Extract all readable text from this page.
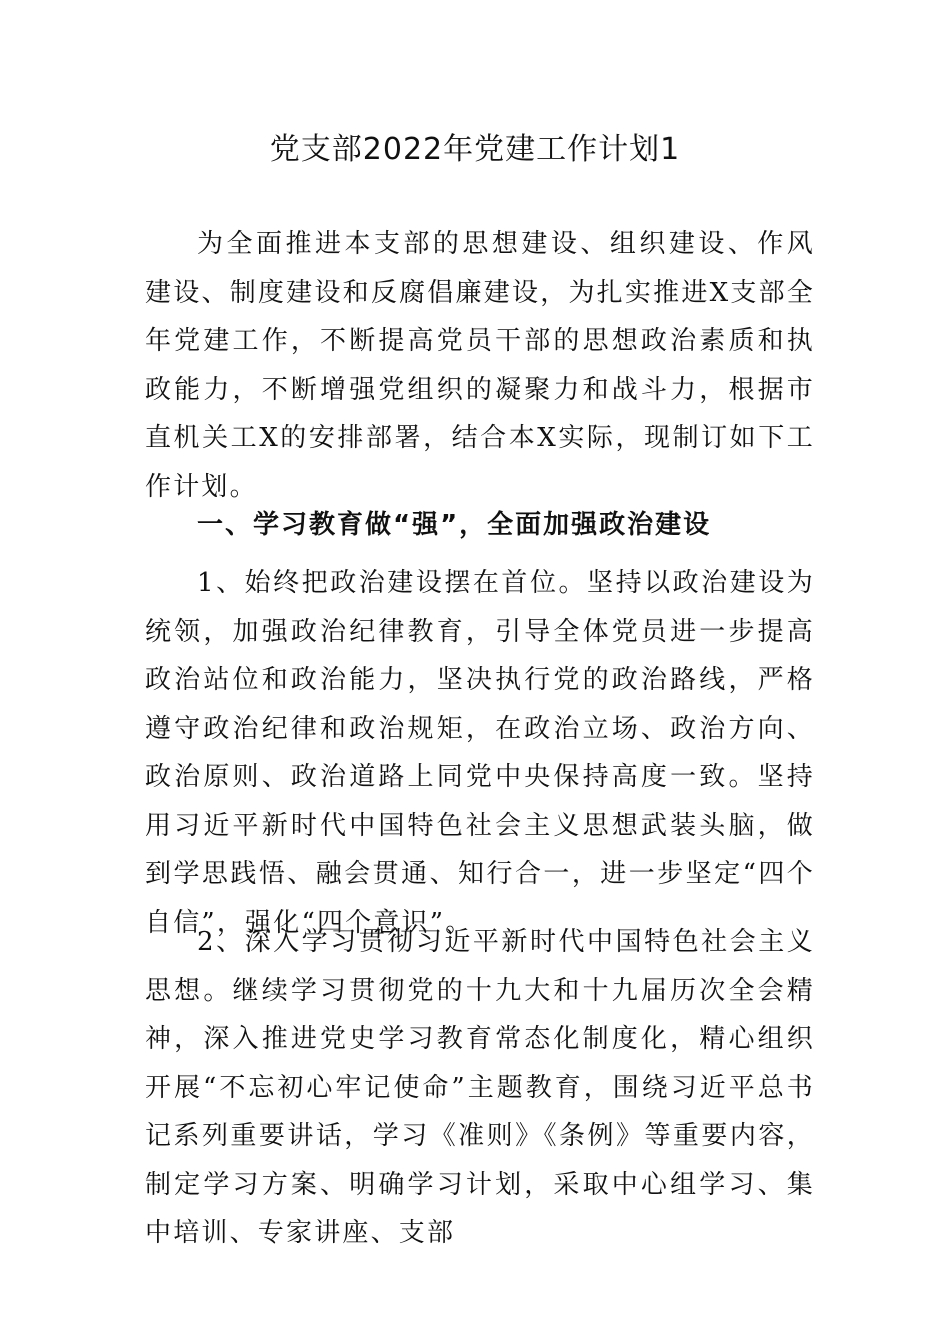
党支部2022年党建工作计划1

为全面推进本支部的思想建设、组织建设、作风建设、制度建设和反腐倡廉建设，为扎实推进X支部全年党建工作，不断提高党员干部的思想政治素质和执政能力，不断增强党组织的凝聚力和战斗力，根据市直机关工X的安排部署，结合本X实际，现制订如下工作计划。

一、学习教育做“强”，全面加强政治建设

1、始终把政治建设摆在首位。坚持以政治建设为统领，加强政治纪律教育，引导全体党员进一步提高政治站位和政治能力，坚决执行党的政治路线，严格遵守政治纪律和政治规矩，在政治立场、政治方向、政治原则、政治道路上同党中央保持高度一致。坚持用习近平新时代中国特色社会主义思想武装头脑，做到学思践悟、融会贯通、知行合一，进一步坚定“四个自信”，强化“四个意识”。

2、深入学习贯彻习近平新时代中国特色社会主义思想。继续学习贯彻党的十九大和十九届历次全会精神，深入推进党史学习教育常态化制度化，精心组织开展“不忘初心牢记使命”主题教育，围绕习近平总书记系列重要讲话，学习《准则》《条例》等重要内容，制定学习方案、明确学习计划，采取中心组学习、集中培训、专家讲座、支部
